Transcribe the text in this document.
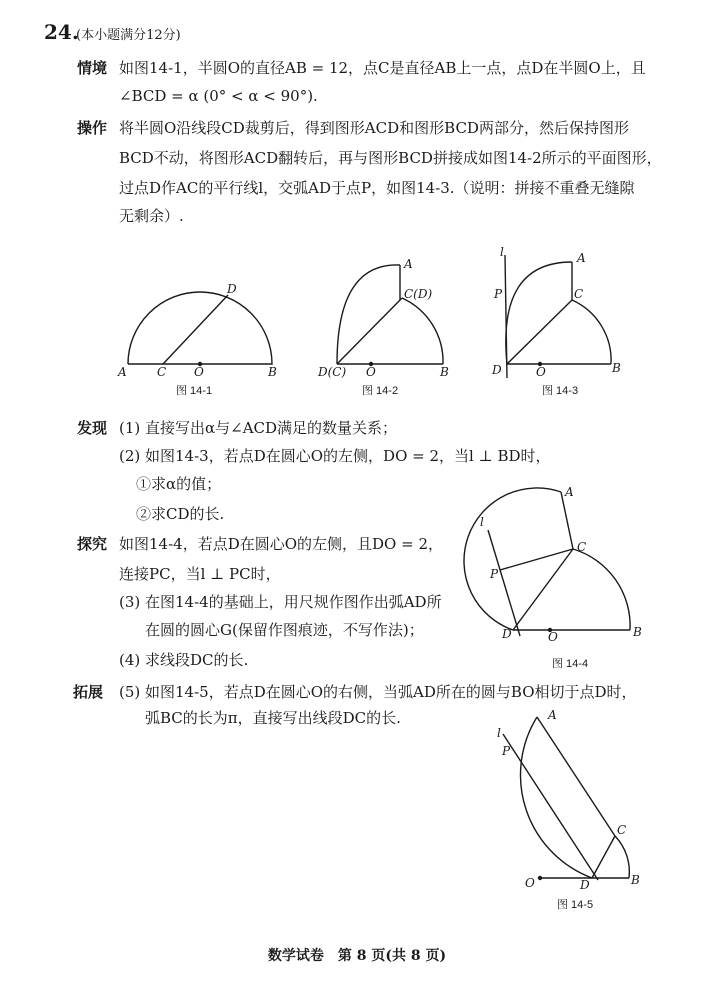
24.
(本小题满分12分)
情境 如图14-1，半圆O的直径AB = 12，点C是直径AB上一点，点D在半圆O上，且
∠BCD = α (0° < α < 90°).
操作 将半圆O沿线段CD裁剪后，得到图形ACD和图形BCD两部分，然后保持图形
BCD不动，将图形ACD翻转后，再与图形BCD拼接成如图14-2所示的平面图形，
过点D作AC的平行线l，交弧AD于点P，如图14-3.（说明：拼接不重叠无缝隙
无剩余）.
A	C O	B
D
A
C(D)
D(C) O	B
l	A
P	C
D	O	B
l
A
C
P
D	O	B
A
l
P
C
O	D	B
图 14-1	图 14-2	图 14-3
图 14-4
图 14-5
发现 (1) 直接写出α与∠ACD满足的数量关系；
(2) 如图14-3，若点D在圆心O的左侧，DO = 2，当l ⊥ BD时，
①求α的值；
②求CD的长.
探究 如图14-4，若点D在圆心O的左侧，且DO = 2，
连接PC，当l ⊥ PC时，
(3) 在图14-4的基础上，用尺规作图作出弧AD所
在圆的圆心G(保留作图痕迹，不写作法)；
(4) 求线段DC的长.
拓展 (5) 如图14-5，若点D在圆心O的右侧，当弧AD所在的圆与BO相切于点D时，
弧BC的长为π，直接写出线段DC的长.
数学试卷　第 8 页(共 8 页)
